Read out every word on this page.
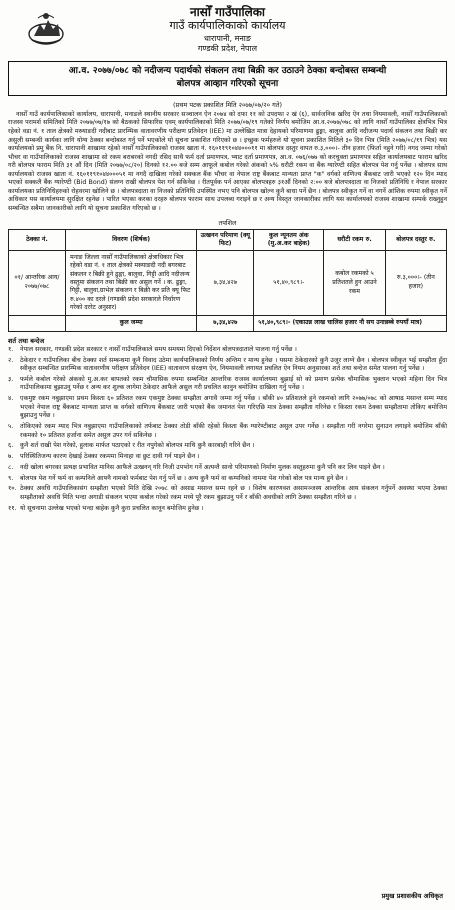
नासोँ गाउँपालिका
गाउँ कार्यपालिकाको कार्यालय
धारापानी, मनाङ
गण्डकी प्रदेश, नेपाल
आ.व. २०७७/०७८ को नदीजन्य पदार्थको संकलन तथा बिक्री कर उठाउने ठेक्का बन्दोबस्त सम्बन्धी
बोलपत्र आव्हान गरिएको सूचना
(प्रथम पटक प्रकाशित मिति २०७७/०७/२० गते)

नासोँ गाउँ कार्यपालिकाको कार्यालय, धारापानी, मनाङले स्थानीय सरकार सञ्चालन ऐन २०७४ को दफा ११ को उपदफा २ खं (६), सार्वजनिक खरिद ऐन तथा नियमावली, नासोँ गाउँपालिकाको राजस्व परामर्श समितिको मिति २०७७/०७/१७ को बैठकको सिफारिस एवम् कार्यपालिकाको मिति २०७७/०७/१९ गतेको निर्णय बमोजिम आ.व.२०७७/०७८ को लागि नासोँ गाउँपालिका क्षेत्रभित्र भित्र रहेको वडा नं. १ ताल क्षेत्रको मस्र्याङदी नदीबाट प्रारम्भिक वातावरणीय परीक्षण प्रतिवेदन (IEE) मा उल्लेखित मात्रा देहायको परिमाणमा ढुङ्गा, बालुवा आदि नदीजन्य पदार्थ संकलन तथा बिक्री कर असुली सम्बन्धी कार्यका लागि योग्य ठेक्का बन्दोबस्त गर्नु पर्ने भएकोले यो सूचना प्रकाशित गरिएको छ । इच्छुक फर्महरुले यो सूचना प्रकाशित मितिले ३० दिन भित्र (मिति २०७७/०८/१९ भित्र) यस कार्यालयको प्रमु बैंक नि. धारापानी शाखामा रहेको नासोँ गाउँपालिकाको राजस्व खाता नं. १६०११९१०४४०००११ मा बोलपत्र दस्तुर वापत रु.३,०००।- तीन हजार (फिर्ता नहुने गरी) नगद जम्मा गरेको भौचर वा गाउँपालिकाको राजस्व शाखामा सो रकम बराबरको नगदी रसिद साथै फर्म दर्ता प्रमाणपत्र, भ्याट दर्ता प्रमाणपत्र, आ.व. ०७६/०७७ को करचुक्ता प्रमाणपत्र सहित कार्यालयबाट फाराम खरिद गरी बोलपत्र फाराम मिति ३१ औं दिन (मिति २०७७/०८/२०) दिनको १२.०० बजे सम्म आफूले कबोल गरेको अंकको ५% धरौटी रकम वा बैंक ग्यारेण्टी सहित बोलपत्र पेश गर्नु पर्नेछ । बोलपत्र साथ कार्यालयको राजस्व खाता नं. १६०११९१०४४०००५१ मा नगदै दाखिला गरेको सक्कल बैंक भौचर वा नेपाल राष्ट्र बैंकबाट मान्यता प्राप्त "क" वर्गको वाणिज्य बैंकबाट जारी भएको १२० दिन म्याद भएको सक्कलै बैंक ग्यारेण्टी (Bid Bond) संलग्न राखी बोलपत्र पेश गर्न सकिनेछ । रीतपूर्वक पर्न आएका बोलपत्रहरु ३१औं दिनको २:०० बजे बोलपत्रदाता वा निजको प्रतिनिधि र नेपाल सरकार कार्यालयका प्रतिनिधिहरुको रोहवरमा खोलिने छ । बोलपत्रदाता वा निजको प्रतिनिधि उपस्थित नभए पनि बोलपत्र खोल्न कुनै बाधा पर्ने छैन । बोलपत्र स्वीकृत गर्ने वा नगर्ने आंशिक रुपमा स्वीकृत गर्ने अधिकार यस कार्यालयमा सुरक्षित रहनेछ । पारित भएका करका दरहरु बोलपत्र फाराम साथ उपलब्ध गराइने छ र अन्य विस्तृत जानकारीका लागि यस कार्यालयको राजस्व शाखामा सम्पर्क राख्नुहुन सम्बन्धित सबैमा जानकारीको लागि यो सूचना प्रकाशित गरिएको छ ।

तपशिल
ठेक्का नं.	विवरण (शिर्षक)	उत्खनन परिमाण (क्यू फिट)	कुल न्यूनतम अंक (मु.अ.कर बाहेक)	धरौटी रकम रु.	बोलपत्र दस्तुर रु.
०१/ आन्तरिक आय/ २०७७/०७८	मनाङ जिल्ला नासोँ गाउँपालिकाको क्षेत्राधिकार भित्र रहेको वडा नं. १ ताल क्षेत्रको मस्र्याङदी नदी बगरबाट संकलन र बिक्री हुने ढुङ्गा, बालुवा, गिट्टी आदि नदीजन्य वस्तुमा संकलन तथा बिक्री कर असुल गर्ने । क. ढुङ्गा, गिट्टी, बालुवा,ग्राभेल संकलन र बिक्री कर प्रति क्यू फिट रु.४०० का दरले (गण्डकी प्रदेश सरकारले निर्धारण गरेको दररेट अनुसार)	७,३४,४२७	५१,४०,९८९।-	कबोल रकमको ५ प्रतिशतले हुन आउने रकम	रु.३,०००।- (तीन हजार)
	कुल जम्मा	७,३४,४२७	५१,४०,९८९।- (एकाउन्न लाख चालिस हजार नौ सय उनान्नब्बे रुपयाँ मात्र)		
शर्त तथा बन्देज
१.	नेपाल सरकार, गण्डकी प्रदेश सरकार र नासोँ गाउँपालिकाले समय समयमा दिएको निर्देशन बोलपत्रदाताले पालना गर्नु पर्नेछ ।
२.	ठेकेदार र गाउँपालिका बीच ठेक्का शर्त सम्बन्धमा कुनै विवाद उठेमा कार्यपालिकाको निर्णय अन्तिम र मान्य हुनेछ । यसमा ठेकेदारको कुनै उजुर लाग्ने छैन । बोलपत्र स्वीकृत भई सम्झौता हुँदा स्वीकृत सम्बन्धित प्रारम्भिक वातावरणीय परीक्षण प्रतिवेदन (IEE) वातावरण संरक्षण ऐन, नियमावली लगायत प्रचलित ऐन नियम अनुसारका शर्त तथा बन्देज समेत पालना गर्नु पर्नेछ ।
३.	फर्मले कबोल गरेको अंकको मु.अ.कर बापतको रकम चौमासिक रुपमा सम्बन्धित आन्तरिक राजस्व कार्यालयमा बुझाई सो को प्रमाण प्रत्येक चौमासिक भुक्तान भएको महिना दिन भित्र गाउँपालिकामा बुझाउनु पर्नेछ र अन्य कर शुल्क लागेमा ठेकेदार आफैले असुल गरी प्रचलित कानुन बमोजिम दाखिला गर्नु पर्नेछ ।
४.	एकमुष्ट रकम नबुझाएमा प्रथम किस्ता ६० प्रतिशत रकम एकमुष्ट ठेक्का सम्झौता अगावै जम्मा गर्नु पर्नेछ । बाँकी ४० प्रतिशतले हुने रकमको लागि २०७७/०७८ को आषाढ मसान्त सम्म म्याद भएको नेपाल राष्ट्र बैंकबाट मान्यता प्राप्त क वर्गको वाणिज्य बैंकबाट जारी भएको बैंक जमानत पेश गरिएछि मात्र ठेक्का सम्झौता गरिनेछ र किस्ता रकम ठेक्का सम्झौतामा तोकिए बमोजिम बुझाउनु पर्नेछ ।
५.	तोकिएको रकम म्याद भित्र नबुझाएमा गाउँपालिकाको तर्फबाट ठेक्का तोडी बाँकी रहेको किस्ता बैंक ग्यारेण्टीबाट असुल उपर गर्नेछ । सम्झौता गरी नगरेमा सुनाउन लगाइने बमोजिम बाँकी रकमको १० प्रतिशत हर्जाना समेत असुल उपर गर्न सकिनेछ ।
६.	कुनै शर्त राखी पेश गरेको, हुलाक मार्फत पठाएको र रीत नपुगेको बोलपत्र माथि कुनै कारबाही गरिने छैन ।
७.	परिस्थितिजन्य कारण देखाई ठेक्का रकममा मिनाहा वा छुट दावी गर्न पाइने छैन ।
८.	नदी खोला बगरका प्रत्यक्ष प्रभावित मानिस आफैले उत्खनन् गरि निजी उपभोग गर्ने अत्यन्तै सानो परिमाणको निर्माण मुलक वस्तुहरुमा कुनै पनि कर लिन पाइने छैन ।
९.	बोलपत्र पेश गर्ने फर्म वा कम्पनिले आफ्नै नामको फर्मबाट पेश गर्नु पर्ने छ । अन्य कुनै फर्म वा कम्पनिको नाममा पेश गरेको बोल पत्र मान्य हुने छैन ।
१०. ठेक्का अवधि गाउँपालिकासंग सम्झौता भएको मिति देखि २०७८ को असाढ मसान्त सम्म रहने छ । विशेष कारणवश असामञ्जस्य आन्तरिक आय संकलन गर्नुपर्ने अवस्था भएमा ठेक्का सम्झौताको अवधि मिति भन्दा अगाडी संकलन भएमा कबोल गरेको रकम मध्ये पूरै रकम बुझाउनु पर्ने र बाँकी अवधीको लागि ठेक्का सम्झौता गरिने छ ।
११. यो सूचनामा उल्लेख भएको भन्दा बाहेक कुनै कुरा प्रचलित कानून बमोजिम हुनेछ ।
प्रमुख प्रशासकीय अधिकृत
